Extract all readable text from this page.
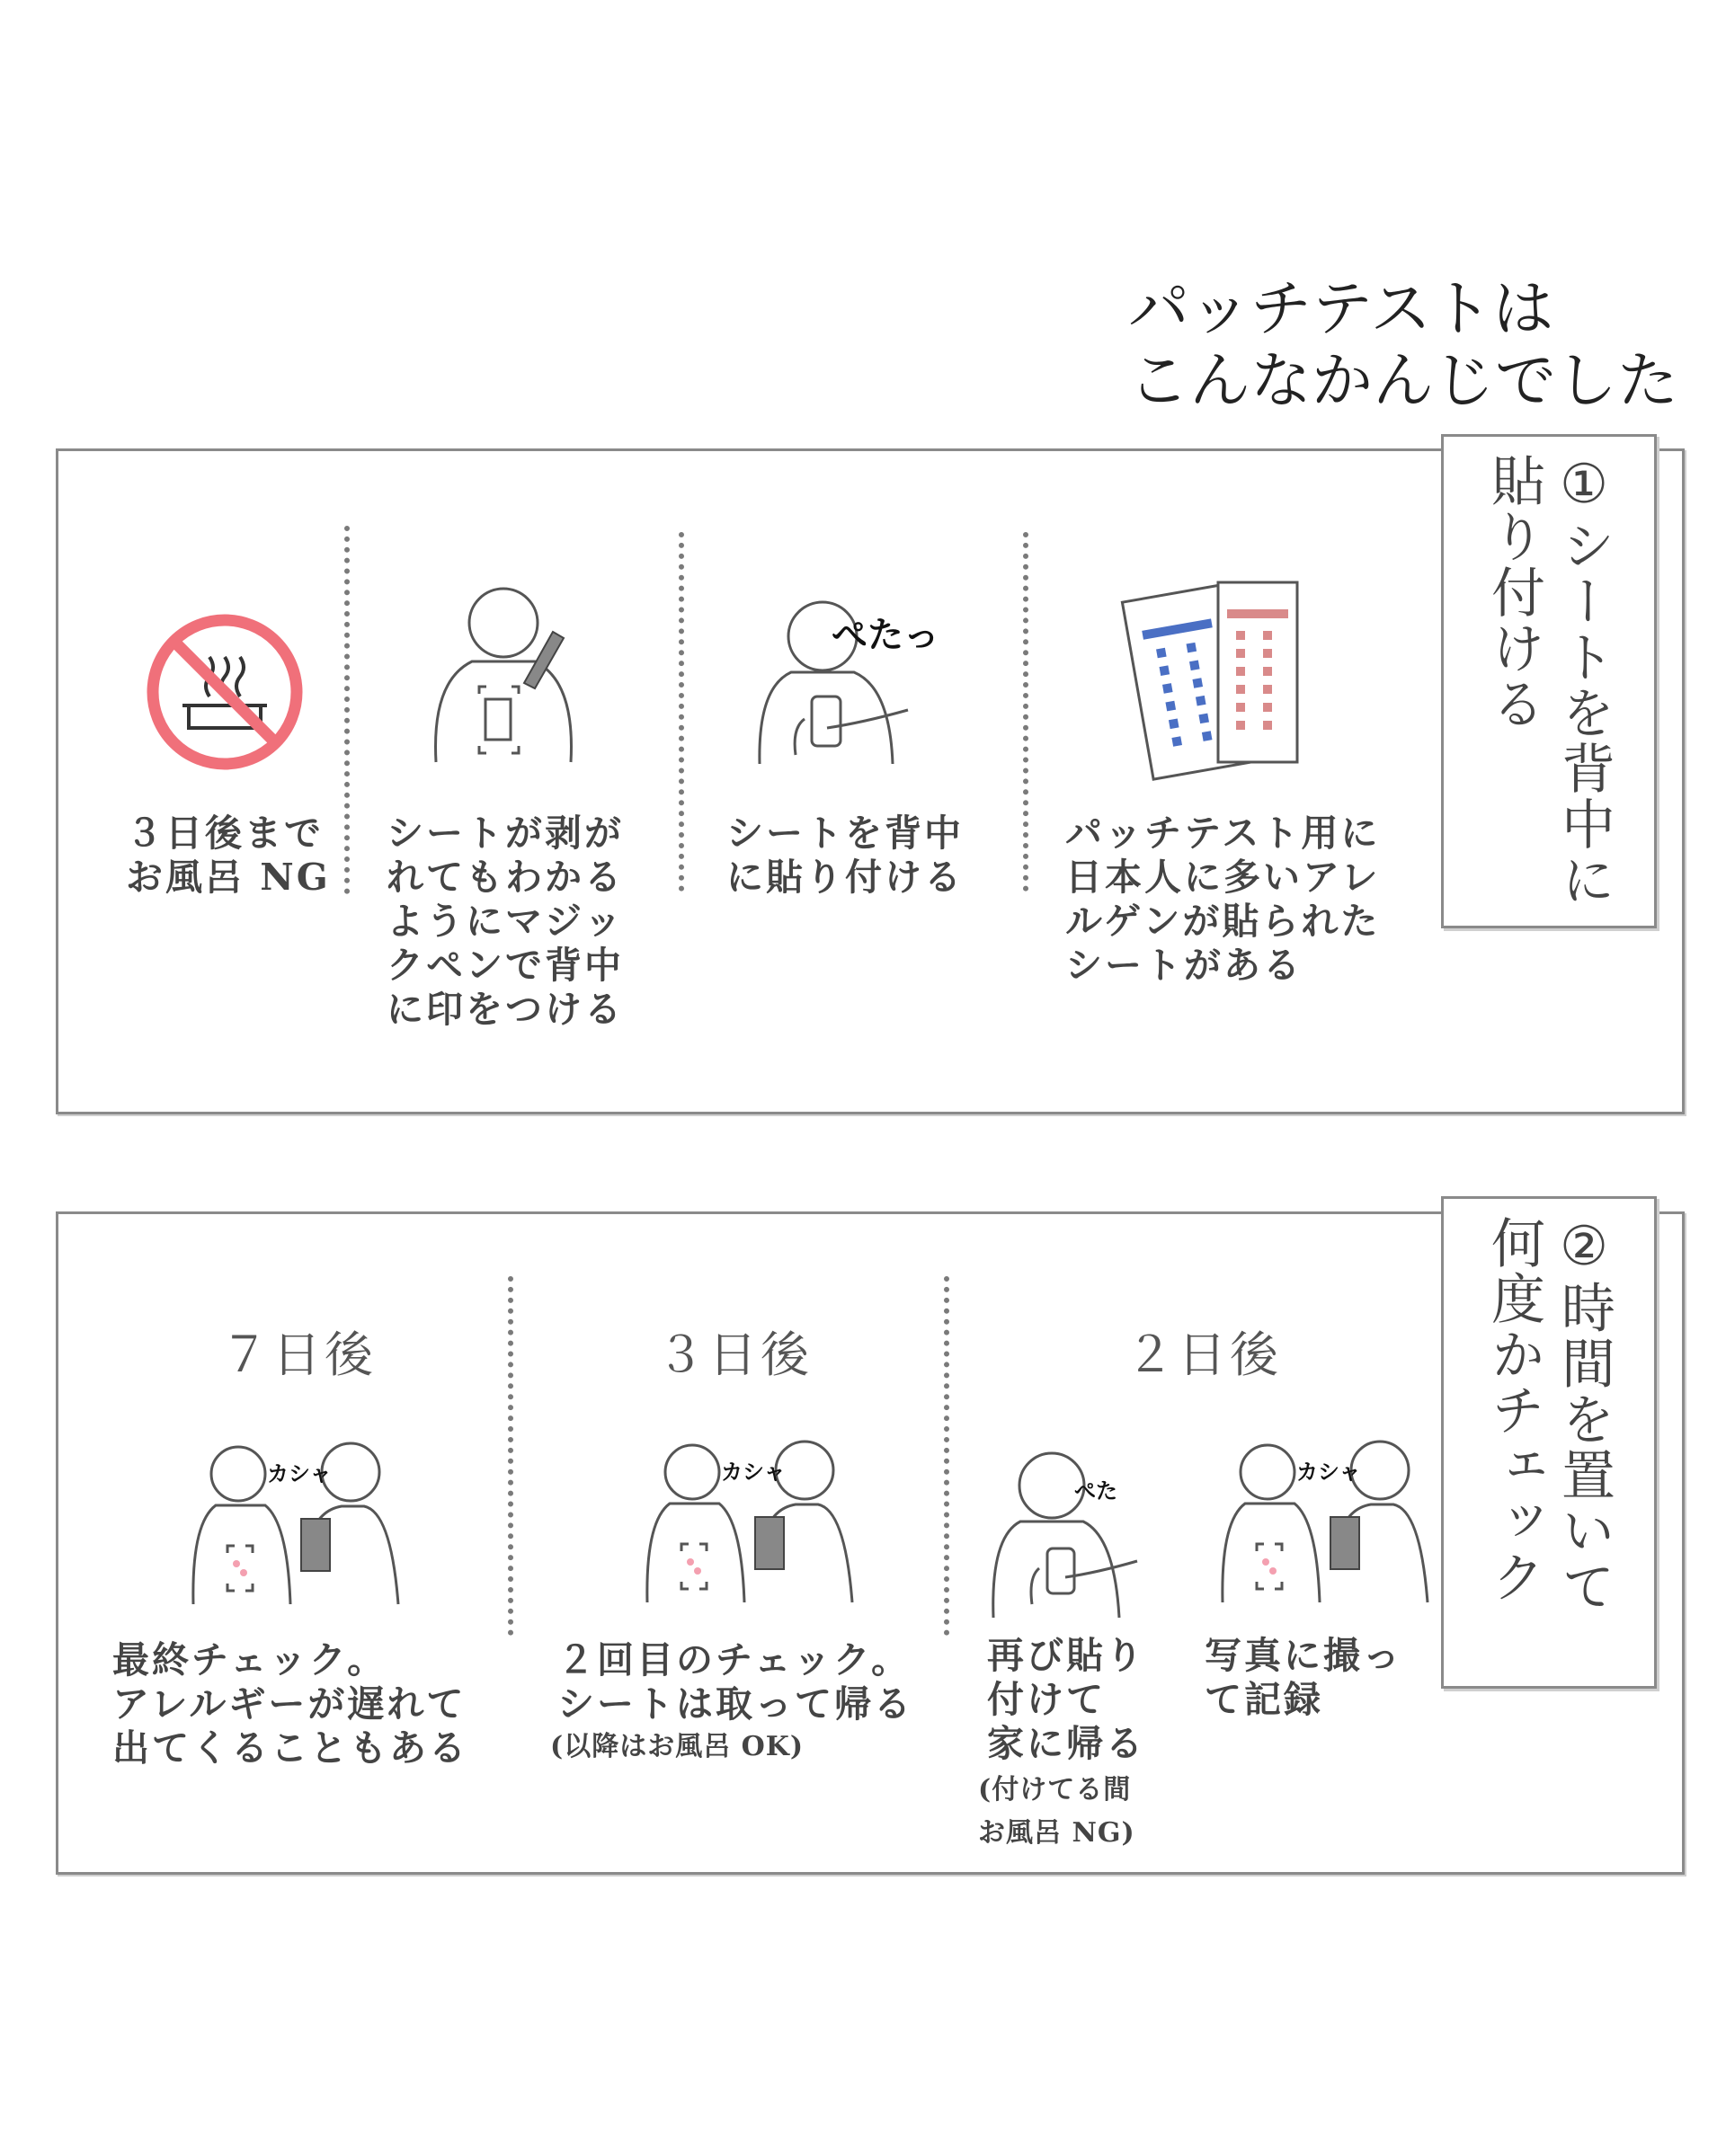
パッチテストは
こんなかんじでした
①シートを背中に
貼り付ける
３日後まで
お風呂 NG
シートが剥が
れてもわかる
ようにマジッ
クペンで背中
に印をつける
ぺたっ
シートを背中
に貼り付ける
パッチテスト用に
日本人に多いアレ
ルゲンが貼られた
シートがある
②時間を置いて
何度かチェック
７日後
カシャ
最終チェック。
アレルギーが遅れて
出てくることもある
３日後
カシャ
２回目のチェック。
シートは取って帰る
(以降はお風呂 OK)
２日後
ぺた
再び貼り
付けて
家に帰る
(付けてる間
お風呂 NG)
カシャ
写真に撮っ
て記録
